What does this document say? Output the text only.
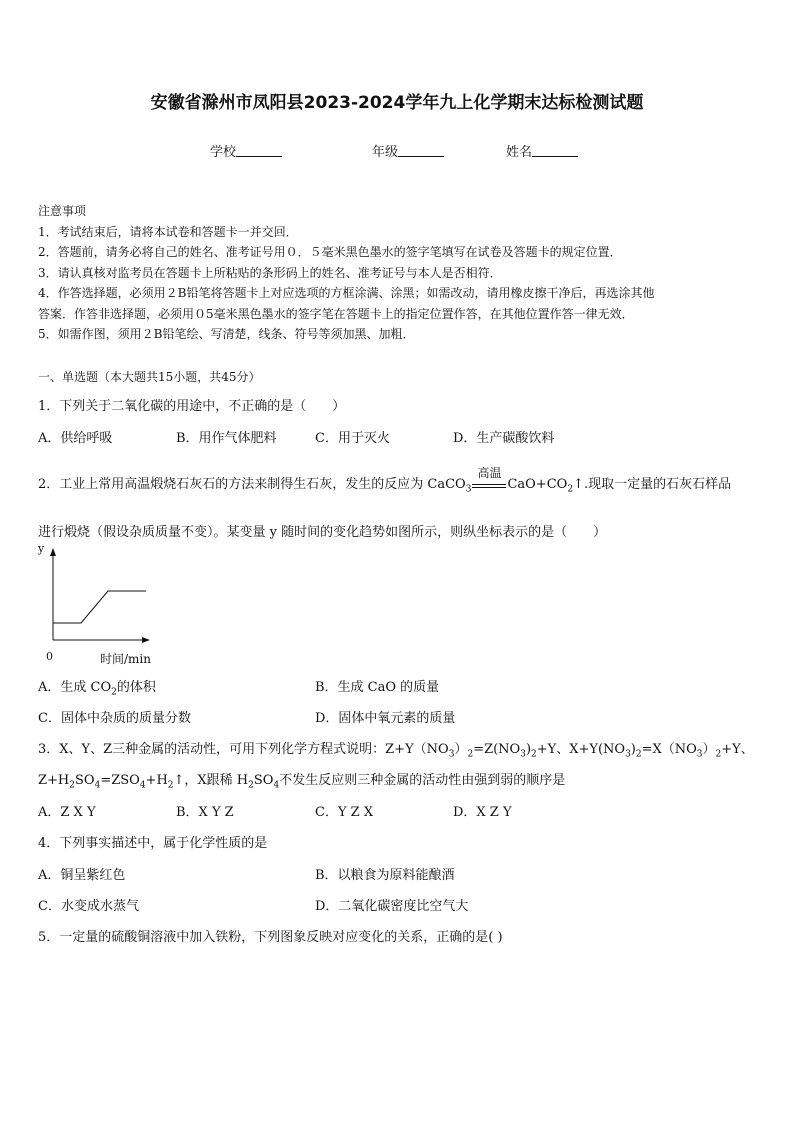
安徽省滁州市凤阳县2023-2024学年九上化学期末达标检测试题
学校	年级	姓名
注意事项
1．考试结束后，请将本试卷和答题卡一并交回．
2．答题前，请务必将自己的姓名、准考证号用０．５毫米黑色墨水的签字笔填写在试卷及答题卡的规定位置．
3．请认真核对监考员在答题卡上所粘贴的条形码上的姓名、准考证号与本人是否相符．
4．作答选择题，必须用２B铅笔将答题卡上对应选项的方框涂满、涂黑；如需改动，请用橡皮擦干净后，再选涂其他
答案．作答非选择题，必须用０5毫米黑色墨水的签字笔在答题卡上的指定位置作答，在其他位置作答一律无效．
5．如需作图，须用２B铅笔绘、写清楚，线条、符号等须加黑、加粗．
一、单选题（本大题共15小题，共45分）
1．下列关于二氧化碳的用途中，不正确的是（　　）
A．供给呼吸	B．用作气体肥料	C．用于灭火	D．生产碳酸饮料
2．工业上常用高温煅烧石灰石的方法来制得生石灰，发生的反应为 CaCO$_3$
高温
$CaO+CO_2↑$.现取一定量的石灰石样品
进行煅烧（假设杂质质量不变）。某变量 y 随时间的变化趋势如图所示，则纵坐标表示的是（　　）
y
0	时间/min
A．生成 $CO_2$的体积	B．生成 CaO 的质量
C．固体中杂质的质量分数	D．固体中氧元素的质量
3．X、Y、Z三种金属的活动性，可用下列化学方程式说明：$Z+Y(NO_3)_2=Z(NO_3)_2+Y$、$X+Y(NO_3)_2=X(NO_3)_2+Y$、
$Z+H_2SO_4=ZSO_4+H_2↑$，X跟稀 $H_2SO_4$不发生反应则三种金属的活动性由强到弱的顺序是
A．Z X Y	B．X Y Z	C．Y Z X	D．X Z Y
4．下列事实描述中，属于化学性质的是
A．铜呈紫红色	B．以粮食为原料能酿酒
C．水变成水蒸气	D．二氧化碳密度比空气大
5．一定量的硫酸铜溶液中加入铁粉，下列图象反映对应变化的关系，正确的是( )
